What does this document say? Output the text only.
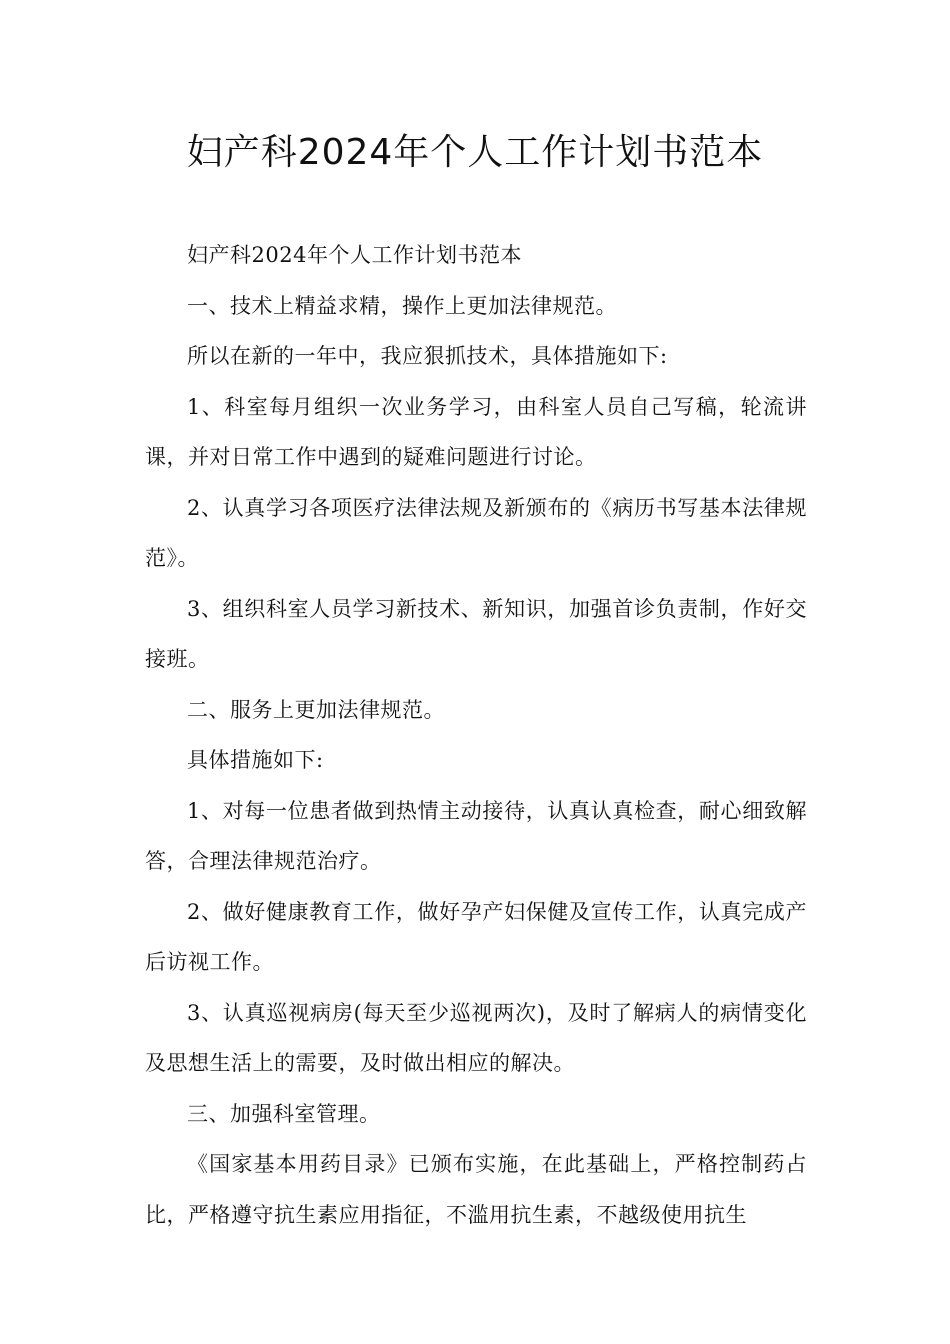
妇产科2024年个人工作计划书范本

妇产科2024年个人工作计划书范本

一、技术上精益求精，操作上更加法律规范。

所以在新的一年中，我应狠抓技术，具体措施如下:

1、科室每月组织一次业务学习，由科室人员自己写稿，轮流讲课，并对日常工作中遇到的疑难问题进行讨论。

2、认真学习各项医疗法律法规及新颁布的《病历书写基本法律规范》。

3、组织科室人员学习新技术、新知识，加强首诊负责制，作好交接班。

二、服务上更加法律规范。

具体措施如下:

1、对每一位患者做到热情主动接待，认真认真检查，耐心细致解答，合理法律规范治疗。

2、做好健康教育工作，做好孕产妇保健及宣传工作，认真完成产后访视工作。

3、认真巡视病房(每天至少巡视两次)，及时了解病人的病情变化及思想生活上的需要，及时做出相应的解决。

三、加强科室管理。

《国家基本用药目录》已颁布实施，在此基础上，严格控制药占比，严格遵守抗生素应用指征，不滥用抗生素，不越级使用抗生
